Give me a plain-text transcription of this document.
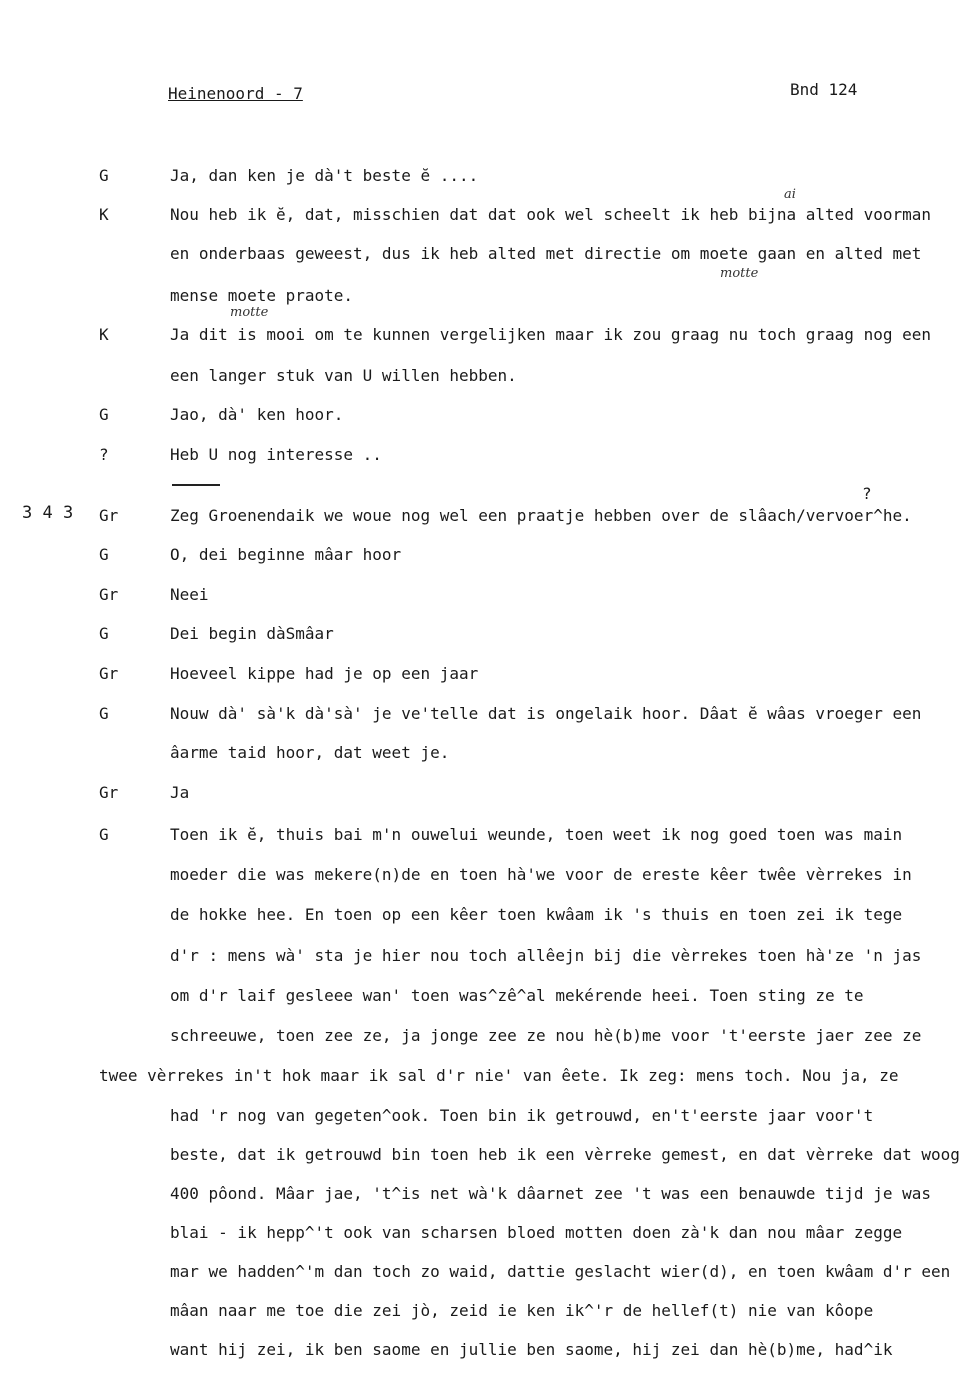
Heinenoord - 7	Bnd 124
ai
motte
motte
3 4 3
?
G	Ja, dan ken je dà't beste ĕ ....
K	Nou heb ik ĕ, dat, misschien dat dat ook wel scheelt ik heb bijna alted voorman
en onderbaas geweest, dus ik heb alted met directie om moete gaan en alted met
mense moete praote.
K	Ja dit is mooi om te kunnen vergelijken maar ik zou graag nu toch graag nog een
een langer stuk van U willen hebben.
G	Jao, dà' ken hoor.
?	Heb U nog interesse ..
Gr	Zeg Groenendaik we woue nog wel een praatje hebben over de slâach/vervoer^he.
G	O, dei beginne mâar hoor
Gr	Neei
G	Dei begin dàSmâar
Gr	Hoeveel kippe had je op een jaar
G	Nouw dà' sà'k dà'sà' je ve'telle dat is ongelaik hoor. Dâat ĕ wâas vroeger een
âarme taid hoor, dat weet je.
Gr	Ja
G	Toen ik ĕ, thuis bai m'n ouwelui weunde, toen weet ik nog goed toen was main
moeder die was mekere(n)de en toen hà'we voor de ereste kêer twêe vèrrekes in
de hokke hee. En toen op een kêer toen kwâam ik 's thuis en toen zei ik tege
d'r : mens wà' sta je hier nou toch allêejn bij die vèrrekes toen hà'ze 'n jas
om d'r laif gesleee wan' toen was^zê^al mekérende heei. Toen sting ze te
schreeuwe, toen zee ze, ja jonge zee ze nou hè(b)me voor 't'eerste jaer zee ze
twee vèrrekes in't hok maar ik sal d'r nie' van êete. Ik zeg: mens toch. Nou ja, ze
had 'r nog van gegeten^ook. Toen bin ik getrouwd, en't'eerste jaar voor't
beste, dat ik getrouwd bin toen heb ik een vèrreke gemest, en dat vèrreke dat woog
400 pôond. Mâar jae, 't^is net wà'k dâarnet zee 't was een benauwde tijd je was
blai - ik hepp^'t ook van scharsen bloed motten doen zà'k dan nou mâar zegge
mar we hadden^'m dan toch zo waid, dattie geslacht wier(d), en toen kwâam d'r een
mâan naar me toe die zei jò, zeid ie ken ik^'r de hellef(t) nie van kôope
want hij zei, ik ben saome en jullie ben saome, hij zei dan hè(b)me, had^ik
